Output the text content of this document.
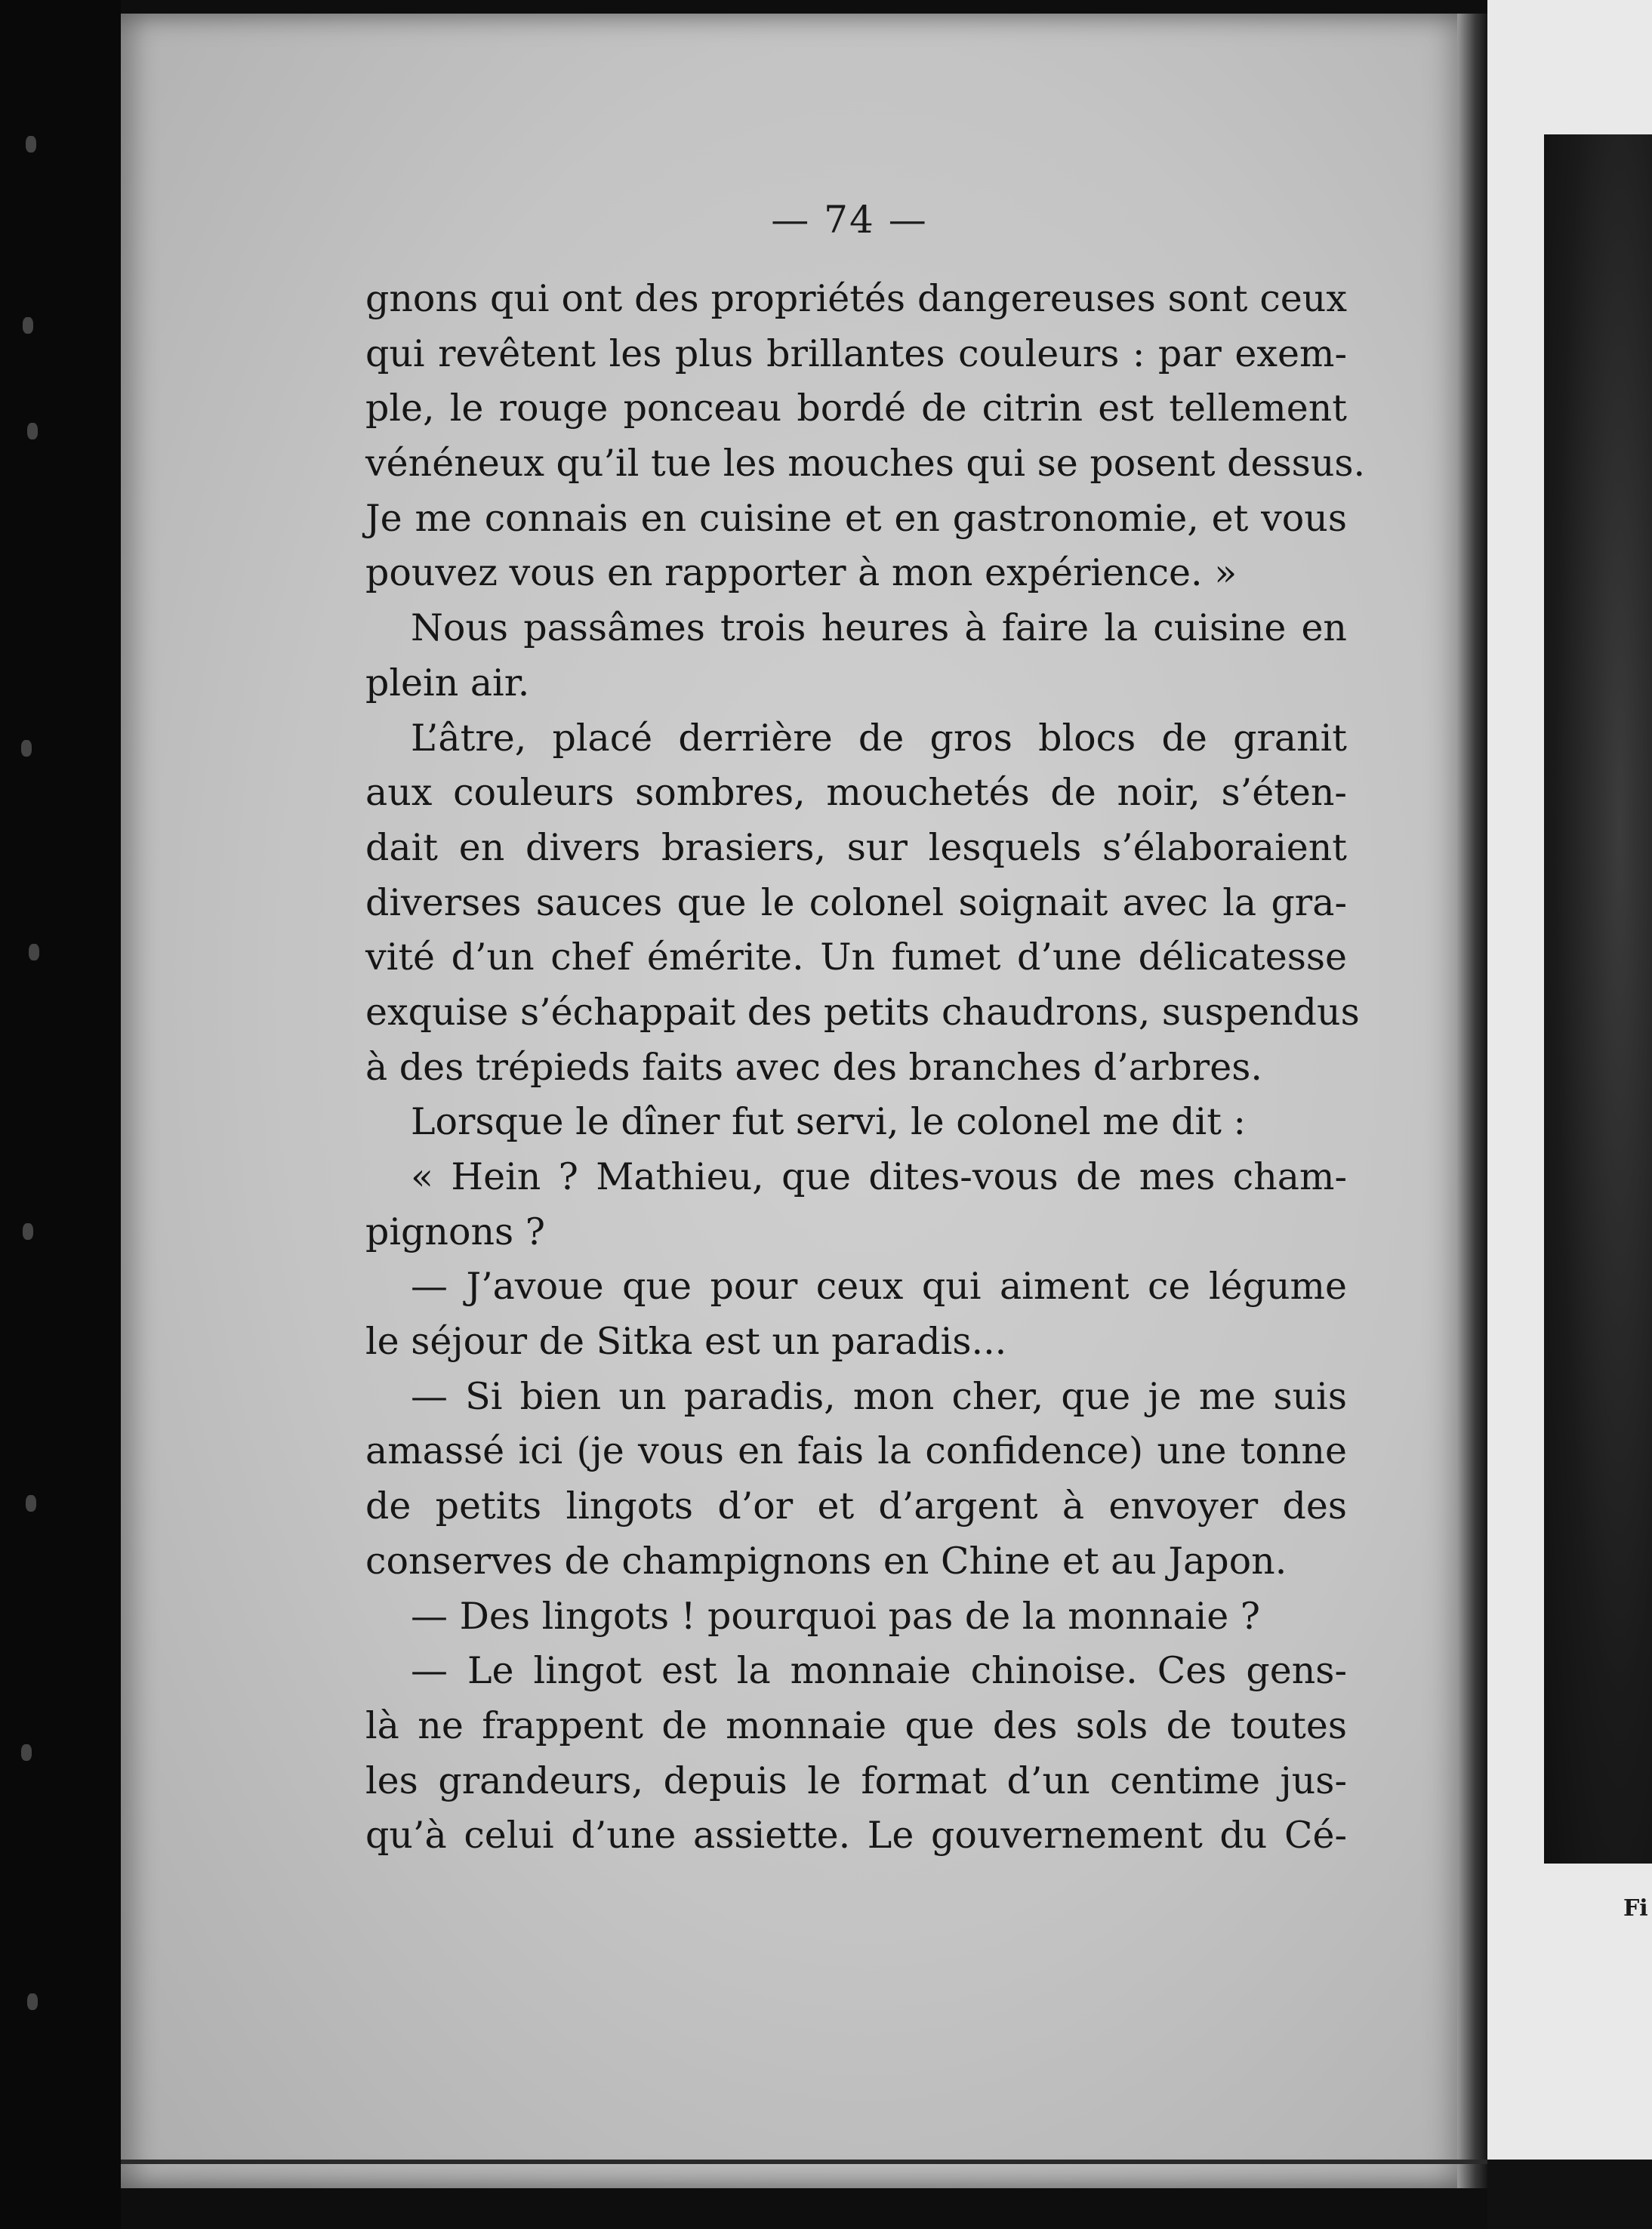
— 74 —
gnons qui ont des propriétés dangereuses sont ceux
qui revêtent les plus brillantes couleurs : par exem-
ple, le rouge ponceau bordé de citrin est tellement
vénéneux qu’il tue les mouches qui se posent dessus.
Je me connais en cuisine et en gastronomie, et vous
pouvez vous en rapporter à mon expérience. »
Nous passâmes trois heures à faire la cuisine en
plein air.
L’âtre, placé derrière de gros blocs de granit
aux couleurs sombres, mouchetés de noir, s’éten-
dait en divers brasiers, sur lesquels s’élaboraient
diverses sauces que le colonel soignait avec la gra-
vité d’un chef émérite. Un fumet d’une délicatesse
exquise s’échappait des petits chaudrons, suspendus
à des trépieds faits avec des branches d’arbres.
Lorsque le dîner fut servi, le colonel me dit :
« Hein ? Mathieu, que dites-vous de mes cham-
pignons ?
— J’avoue que pour ceux qui aiment ce légume
le séjour de Sitka est un paradis...
— Si bien un paradis, mon cher, que je me suis
amassé ici (je vous en fais la confidence) une tonne
de petits lingots d’or et d’argent à envoyer des
conserves de champignons en Chine et au Japon.
— Des lingots ! pourquoi pas de la monnaie ?
— Le lingot est la monnaie chinoise. Ces gens-
là ne frappent de monnaie que des sols de toutes
les grandeurs, depuis le format d’un centime jus-
qu’à celui d’une assiette. Le gouvernement du Cé-
Fi
